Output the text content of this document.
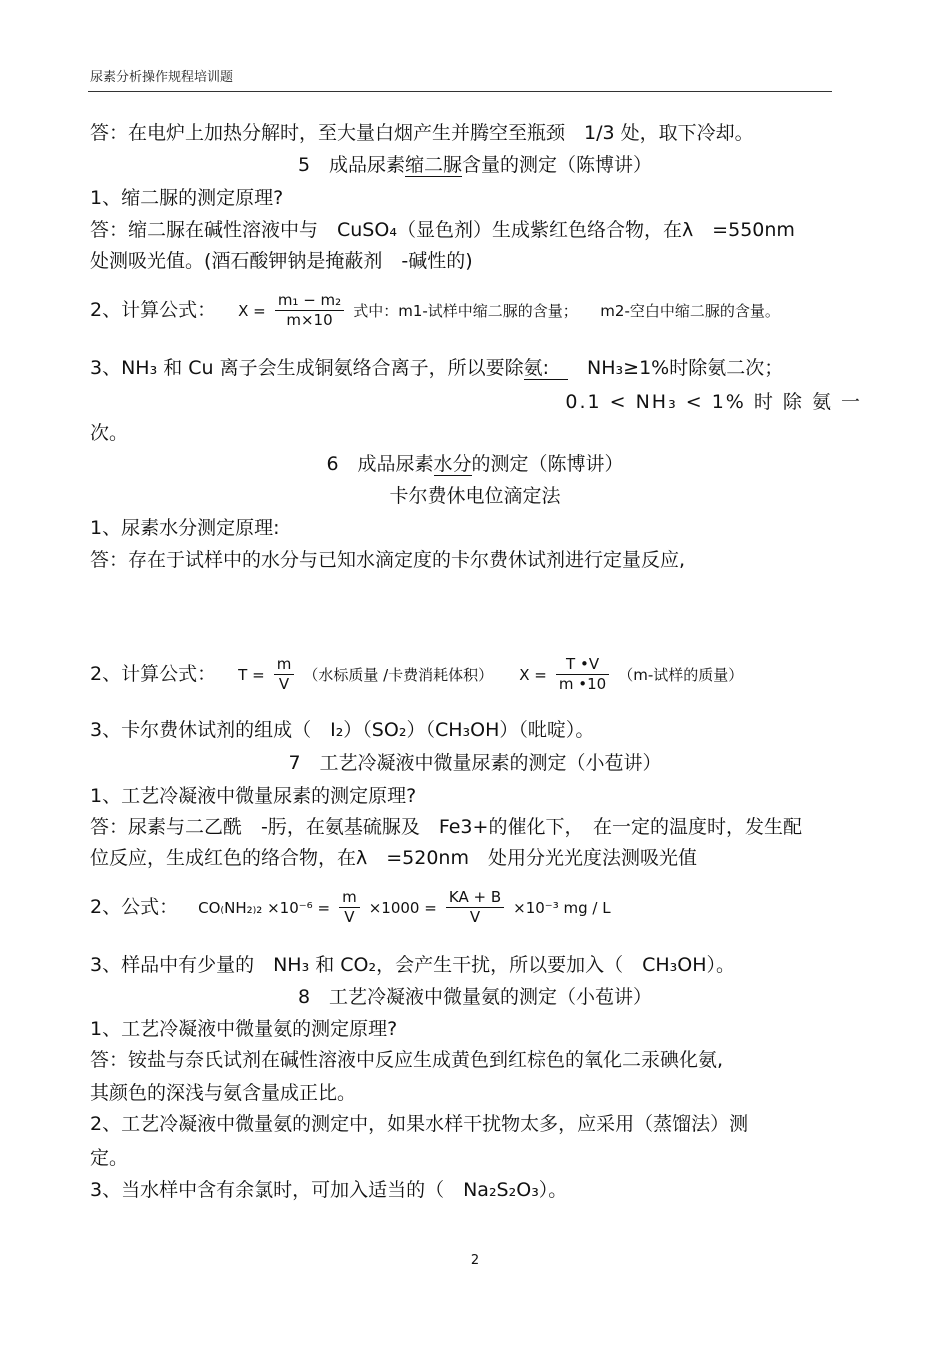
尿素分析操作规程培训题
答：在电炉上加热分解时，至大量白烟产生并腾空至瓶颈　1/3 处，取下冷却。
5　成品尿素缩二脲含量的测定（陈博讲）
1、缩二脲的测定原理?
答：缩二脲在碱性溶液中与　CuSO₄（显色剂）生成紫红色络合物，在λ　=550nm
处测吸光值。(酒石酸钾钠是掩蔽剂　-碱性的)
2、计算公式： $X = \frac{\text{m₁ − m₂}}{m\times 10}$ 式中：m1-试样中缩二脲的含量；　　m2-空白中缩二脲的含量。
3、NH₃ 和 Cu 离子会生成铜氨络合离子，所以要除氨:　　NH₃≥1%时除氨二次；
0.1 < NH₃ < 1% 时 除 氨 一
次。
6　成品尿素水分的测定（陈博讲）
卡尔费休电位滴定法
1、尿素水分测定原理:
答：存在于试样中的水分与已知水滴定度的卡尔费休试剂进行定量反应,
2、计算公式： $T = \frac{m}{V}$ （水标质量 /卡费消耗体积） $X = \frac{T •V}{m •10} (m-$试样的质量）
3、卡尔费休试剂的组成（　I₂）（SO₂）（CH₃OH）（吡啶）。
7　工艺冷凝液中微量尿素的测定（小苞讲）
1、工艺冷凝液中微量尿素的测定原理?
答：尿素与二乙酰　-肟，在氨基硫脲及　Fe3+的催化下，　在一定的温度时，发生配
位反应，生成红色的络合物，在λ　=520nm　处用分光光度法测吸光值
2、公式： $CO_(NH_{2)2} \times 10^{-6} = \frac{m}{V} \times 1000 = \frac{KA + B}{V} \times 10^{-3}$ mg / L
3、样品中有少量的　NH₃ 和 CO₂，会产生干扰，所以要加入（　CH₃OH）。
8　工艺冷凝液中微量氨的测定（小苞讲）
1、工艺冷凝液中微量氨的测定原理?
答：铵盐与奈氏试剂在碱性溶液中反应生成黄色到红棕色的氧化二汞碘化氨,
其颜色的深浅与氨含量成正比。
2、工艺冷凝液中微量氨的测定中，如果水样干扰物太多，应采用（蒸馏法）测
定。
3、当水样中含有余氯时，可加入适当的（　Na₂S₂O₃）。
2
